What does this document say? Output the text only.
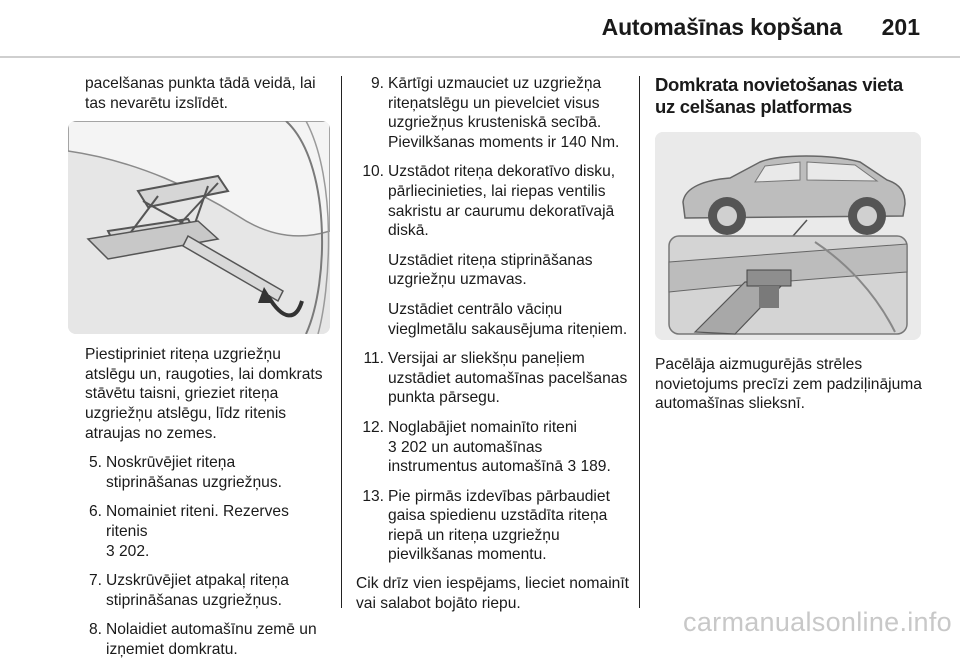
Automašīnas kopšana 201

pacelšanas punkta tādā veidā, lai tas nevarētu izslīdēt.

Piestipriniet riteņa uzgriežņu atslēgu un, raugoties, lai domkrats stāvētu taisni, grieziet riteņa uzgriežņu atslēgu, līdz ritenis atraujas no zemes.

5. Noskrūvējiet riteņa stiprināšanas uzgriežņus.
6. Nomainiet riteni. Rezerves ritenis
3 202.
7. Uzskrūvējiet atpakaļ riteņa stiprināšanas uzgriežņus.
8. Nolaidiet automašīnu zemē un izņemiet domkratu.
9. Kārtīgi uzmauciet uz uzgriežņa riteņatslēgu un pievelciet visus uzgriežņus krusteniskā secībā. Pievilkšanas moments ir 140 Nm.
10. Uzstādot riteņa dekoratīvo disku, pārliecinieties, lai riepas ventilis sakristu ar caurumu dekoratīvajā diskā.

Uzstādiet riteņa stiprināšanas uzgriežņu uzmavas.

Uzstādiet centrālo vāciņu vieglmetālu sakausējuma riteņiem.

11. Versijai ar sliekšņu paneļiem uzstādiet automašīnas pacelšanas punkta pārsegu.
12. Noglabājiet nomainīto riteni
3 202 un automašīnas instrumentus automašīnā 3 189.
13. Pie pirmās izdevības pārbaudiet gaisa spiedienu uzstādīta riteņa riepā un riteņa uzgriežņu pievilkšanas momentu.

Cik drīz vien iespējams, lieciet nomainīt vai salabot bojāto riepu.

Domkrata novietošanas vieta uz celšanas platformas

Pacēlāja aizmugurējās strēles novietojums precīzi zem padziļinājuma automašīnas slieksnī.

carmanualsonline.info
